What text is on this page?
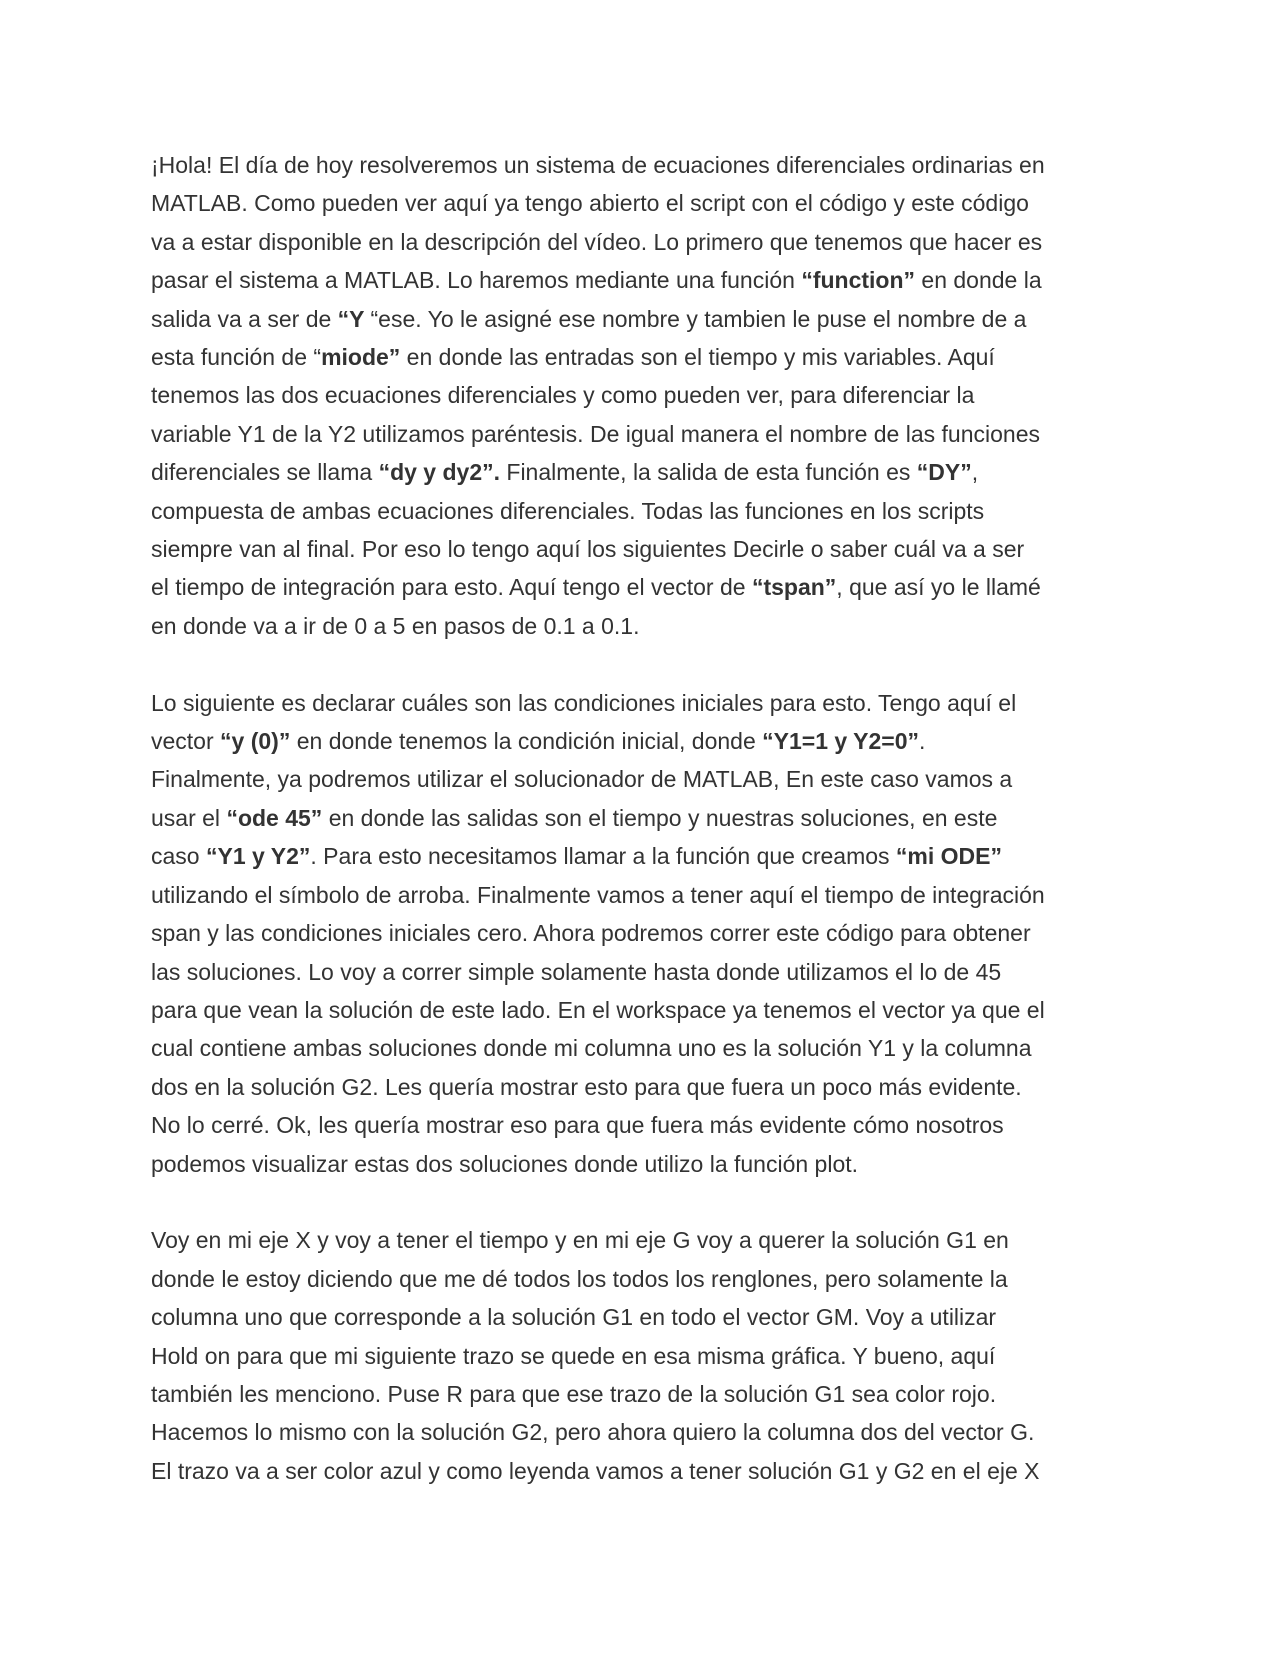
¡Hola! El día de hoy resolveremos un sistema de ecuaciones diferenciales ordinarias en
MATLAB. Como pueden ver aquí ya tengo abierto el script con el código y este código
va a estar disponible en la descripción del vídeo. Lo primero que tenemos que hacer es
pasar el sistema a MATLAB. Lo haremos mediante una función “function” en donde la
salida va a ser de “Y “ese. Yo le asigné ese nombre y tambien le puse el nombre de a
esta función de “miode” en donde las entradas son el tiempo y mis variables. Aquí
tenemos las dos ecuaciones diferenciales y como pueden ver, para diferenciar la
variable Y1 de la Y2 utilizamos paréntesis. De igual manera el nombre de las funciones
diferenciales se llama “dy y dy2”. Finalmente, la salida de esta función es “DY”,
compuesta de ambas ecuaciones diferenciales. Todas las funciones en los scripts
siempre van al final. Por eso lo tengo aquí los siguientes Decirle o saber cuál va a ser
el tiempo de integración para esto. Aquí tengo el vector de “tspan”, que así yo le llamé
en donde va a ir de 0 a 5 en pasos de 0.1 a 0.1.

Lo siguiente es declarar cuáles son las condiciones iniciales para esto. Tengo aquí el
vector “y (0)” en donde tenemos la condición inicial, donde “Y1=1 y Y2=0”.
Finalmente, ya podremos utilizar el solucionador de MATLAB, En este caso vamos a
usar el “ode 45” en donde las salidas son el tiempo y nuestras soluciones, en este
caso “Y1 y Y2”. Para esto necesitamos llamar a la función que creamos “mi ODE”
utilizando el símbolo de arroba. Finalmente vamos a tener aquí el tiempo de integración
span y las condiciones iniciales cero. Ahora podremos correr este código para obtener
las soluciones. Lo voy a correr simple solamente hasta donde utilizamos el lo de 45
para que vean la solución de este lado. En el workspace ya tenemos el vector ya que el
cual contiene ambas soluciones donde mi columna uno es la solución Y1 y la columna
dos en la solución G2. Les quería mostrar esto para que fuera un poco más evidente.
No lo cerré. Ok, les quería mostrar eso para que fuera más evidente cómo nosotros
podemos visualizar estas dos soluciones donde utilizo la función plot.

Voy en mi eje X y voy a tener el tiempo y en mi eje G voy a querer la solución G1 en
donde le estoy diciendo que me dé todos los todos los renglones, pero solamente la
columna uno que corresponde a la solución G1 en todo el vector GM. Voy a utilizar
Hold on para que mi siguiente trazo se quede en esa misma gráfica. Y bueno, aquí
también les menciono. Puse R para que ese trazo de la solución G1 sea color rojo.
Hacemos lo mismo con la solución G2, pero ahora quiero la columna dos del vector G.
El trazo va a ser color azul y como leyenda vamos a tener solución G1 y G2 en el eje X
